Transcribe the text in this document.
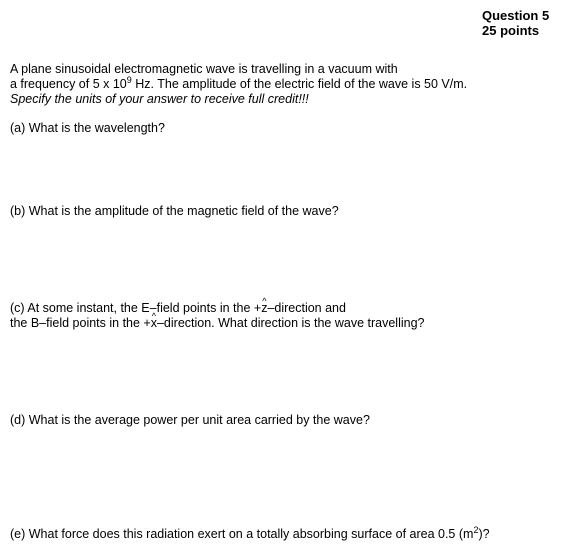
Question 5
25 points
A plane sinusoidal electromagnetic wave is travelling in a vacuum with
a frequency of 5 x $10^9$ Hz. The amplitude of the electric field of the wave is 50 V/m.
Specify the units of your answer to receive full credit!!!
(a) What is the wavelength?
(b) What is the amplitude of the magnetic field of the wave?
(c) At some instant, the E–field points in the +^ z–direction and
the B–field points in the +^ x–direction. What direction is the wave travelling?
(d) What is the average power per unit area carried by the wave?
(e) What force does this radiation exert on a totally absorbing surface of area 0.5 $(m^2)$?
